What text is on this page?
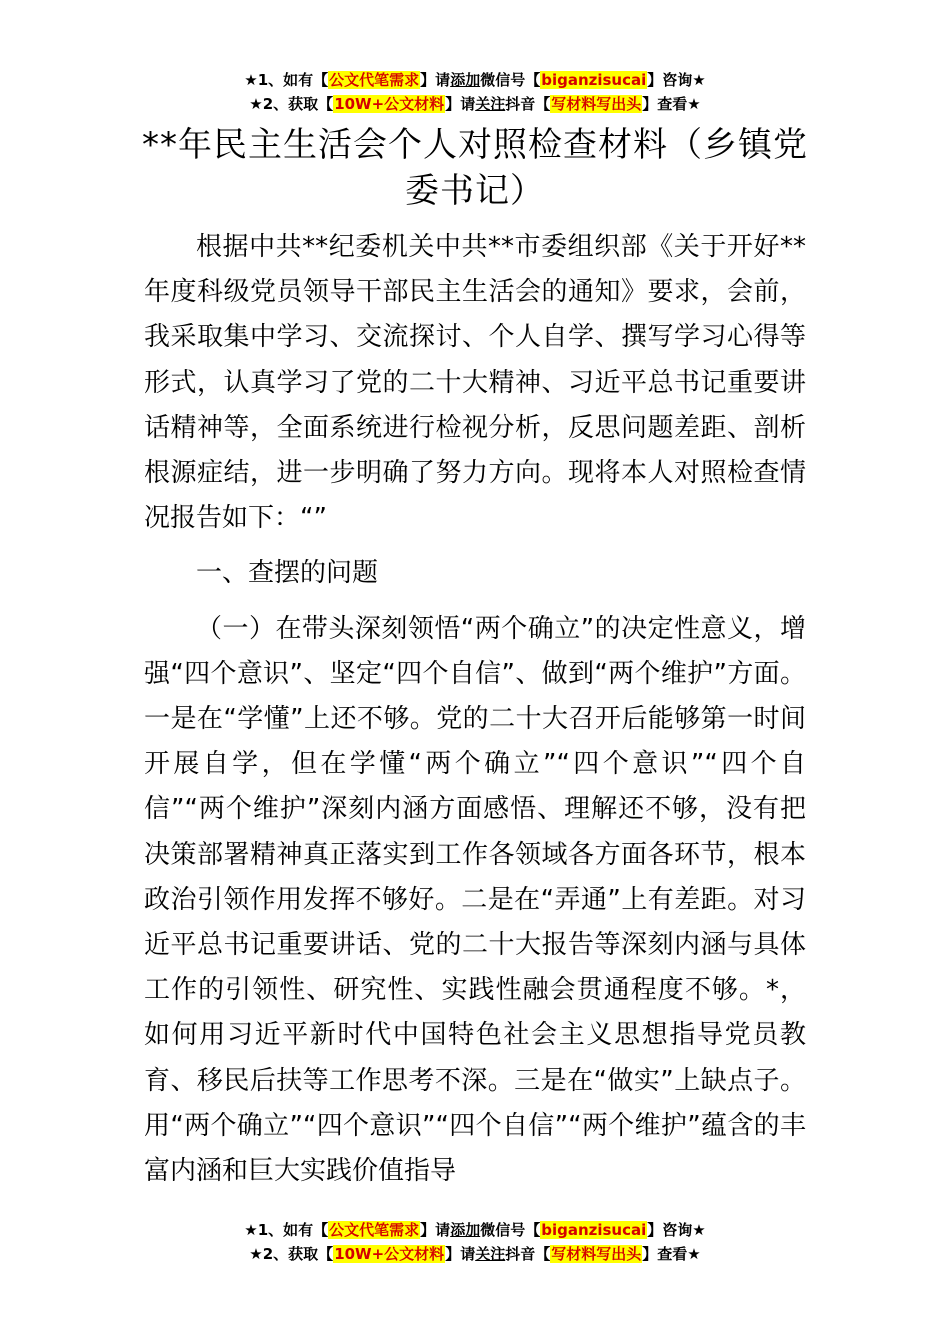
★1、如有【公文代笔需求】请添加微信号【biganzisucai】咨询★
★2、获取【10W+公文材料】请关注抖音【写材料写出头】查看★
**年民主生活会个人对照检查材料（乡镇党委书记）

根据中共**纪委机关中共**市委组织部《关于开好**年度科级党员领导干部民主生活会的通知》要求，会前，我采取集中学习、交流探讨、个人自学、撰写学习心得等形式，认真学习了党的二十大精神、习近平总书记重要讲话精神等，全面系统进行检视分析，反思问题差距、剖析根源症结，进一步明确了努力方向。现将本人对照检查情况报告如下：“”

一、查摆的问题

（一）在带头深刻领悟“两个确立”的决定性意义，增强“四个意识”、坚定“四个自信”、做到“两个维护”方面。一是在“学懂”上还不够。党的二十大召开后能够第一时间开展自学，但在学懂“两个确立”“四个意识”“四个自信”“两个维护”深刻内涵方面感悟、理解还不够，没有把决策部署精神真正落实到工作各领域各方面各环节，根本政治引领作用发挥不够好。二是在“弄通”上有差距。对习近平总书记重要讲话、党的二十大报告等深刻内涵与具体工作的引领性、研究性、实践性融会贯通程度不够。*，如何用习近平新时代中国特色社会主义思想指导党员教育、移民后扶等工作思考不深。三是在“做实”上缺点子。用“两个确立”“四个意识”“四个自信”“两个维护”蕴含的丰富内涵和巨大实践价值指导

★1、如有【公文代笔需求】请添加微信号【biganzisucai】咨询★
★2、获取【10W+公文材料】请关注抖音【写材料写出头】查看★
